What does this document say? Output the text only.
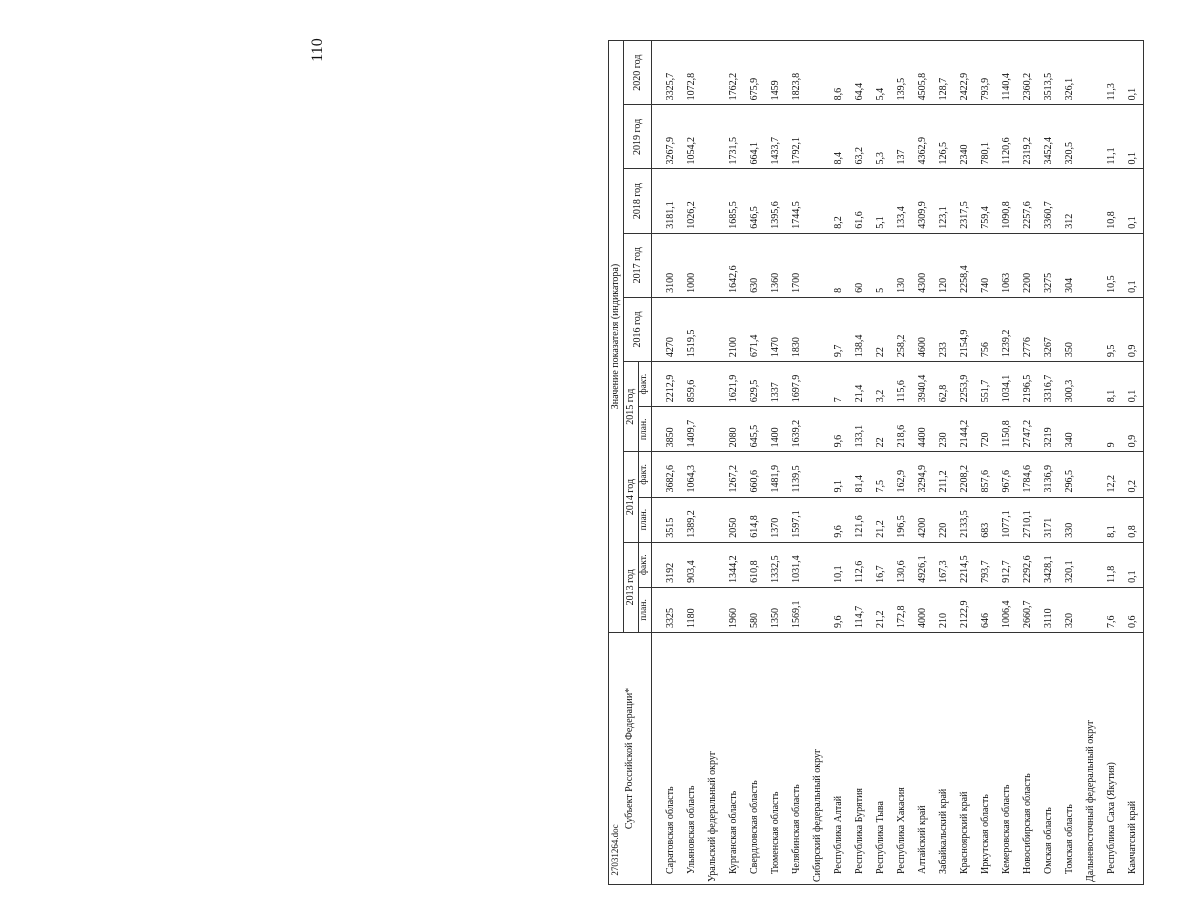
110
Субъект Российской Федерации*	Значение показателя (индикатора)										
	2013 год		2014 год		2015 год		2016 год	2017 год	2018 год	2019 год	2020 год
	план.	факт.	план.	факт.	план.	факт.					

Саратовская область	3325	3192	3515	3682,6	3850	2212,9	4270	3100	3181,1	3267,9	3325,7
Ульяновская область	1180	903,4	1389,2	1064,3	1409,7	859,6	1519,5	1000	1026,2	1054,2	1072,8
Уральский федеральный округ											
Курганская область	1960	1344,2	2050	1267,2	2080	1621,9	2100	1642,6	1685,5	1731,5	1762,2
Свердловская область	580	610,8	614,8	660,6	645,5	629,5	671,4	630	646,5	664,1	675,9
Тюменская область	1350	1332,5	1370	1481,9	1400	1337	1470	1360	1395,6	1433,7	1459
Челябинская область	1569,1	1031,4	1597,1	1139,5	1639,2	1697,9	1830	1700	1744,5	1792,1	1823,8
Сибирский федеральный округ											
Республика Алтай	9,6	10,1	9,6	9,1	9,6	7	9,7	8	8,2	8,4	8,6
Республика Бурятия	114,7	112,6	121,6	81,4	133,1	21,4	138,4	60	61,6	63,2	64,4
Республика Тыва	21,2	16,7	21,2	7,5	22	3,2	22	5	5,1	5,3	5,4
Республика Хакасия	172,8	130,6	196,5	162,9	218,6	115,6	258,2	130	133,4	137	139,5
Алтайский край	4000	4926,1	4200	3294,9	4400	3940,4	4600	4300	4309,9	4362,9	4505,8
Забайкальский край	210	167,3	220	211,2	230	62,8	233	120	123,1	126,5	128,7
Красноярский край	2122,9	2214,5	2133,5	2208,2	2144,2	2253,9	2154,9	2258,4	2317,5	2340	2422,9
Иркутская область	646	793,7	683	857,6	720	551,7	756	740	759,4	780,1	793,9
Кемеровская область	1006,4	912,7	1077,1	967,6	1150,8	1034,1	1239,2	1063	1090,8	1120,6	1140,4
Новосибирская область	2660,7	2292,6	2710,1	1784,6	2747,2	2196,5	2776	2200	2257,6	2319,2	2360,2
Омская область	3110	3428,1	3171	3136,9	3219	3316,7	3267	3275	3360,7	3452,4	3513,5
Томская область	320	320,1	330	296,5	340	300,3	350	304	312	320,5	326,1
Дальневосточный федеральный округ											
Республика Саха (Якутия)	7,6	11,8	8,1	12,2	9	8,1	9,5	10,5	10,8	11,1	11,3
Камчатский край	0,6	0,1	0,8	0,2	0,9	0,1	0,9	0,1	0,1	0,1	0,1
27031264.doc
